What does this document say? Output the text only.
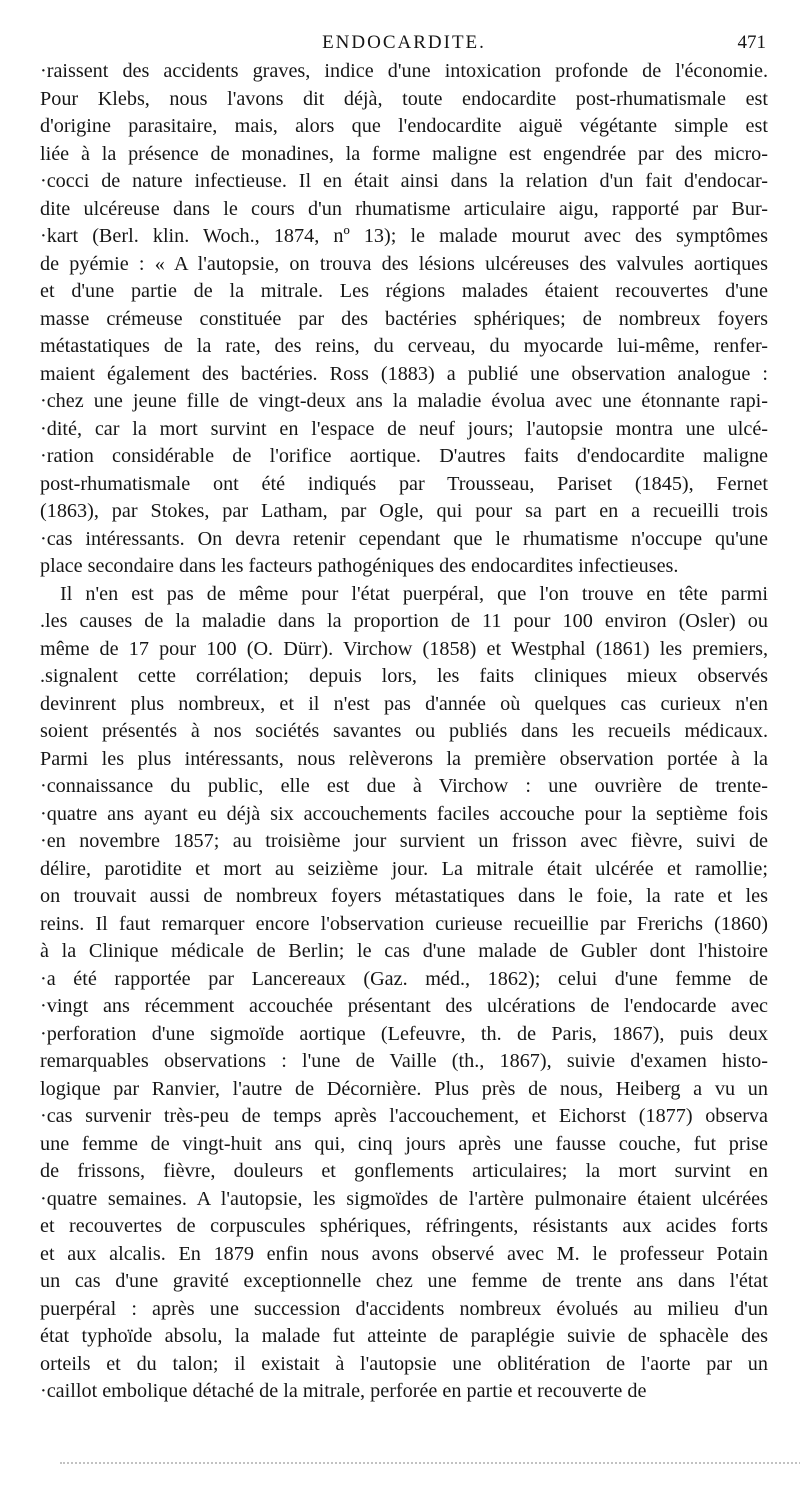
ENDOCARDITE.	471
·raissent des accidents graves, indice d'une intoxication profonde de l'économie.
Pour Klebs, nous l'avons dit déjà, toute endocardite post-rhumatismale est
d'origine parasitaire, mais, alors que l'endocardite aiguë végétante simple est
liée à la présence de monadines, la forme maligne est engendrée par des micro-
·cocci de nature infectieuse. Il en était ainsi dans la relation d'un fait d'endocar-
dite ulcéreuse dans le cours d'un rhumatisme articulaire aigu, rapporté par Bur-
·kart (Berl. klin. Woch., 1874, nº 13); le malade mourut avec des symptômes
de pyémie : « A l'autopsie, on trouva des lésions ulcéreuses des valvules aortiques
et d'une partie de la mitrale. Les régions malades étaient recouvertes d'une
masse crémeuse constituée par des bactéries sphériques; de nombreux foyers
métastatiques de la rate, des reins, du cerveau, du myocarde lui-même, renfer-
maient également des bactéries. Ross (1883) a publié une observation analogue :
·chez une jeune fille de vingt-deux ans la maladie évolua avec une étonnante rapi-
·dité, car la mort survint en l'espace de neuf jours; l'autopsie montra une ulcé-
·ration considérable de l'orifice aortique. D'autres faits d'endocardite maligne
post-rhumatismale ont été indiqués par Trousseau, Pariset (1845), Fernet
(1863), par Stokes, par Latham, par Ogle, qui pour sa part en a recueilli trois
·cas intéressants. On devra retenir cependant que le rhumatisme n'occupe qu'une
place secondaire dans les facteurs pathogéniques des endocardites infectieuses.
Il n'en est pas de même pour l'état puerpéral, que l'on trouve en tête parmi
.les causes de la maladie dans la proportion de 11 pour 100 environ (Osler) ou
même de 17 pour 100 (O. Dürr). Virchow (1858) et Westphal (1861) les premiers,
.signalent cette corrélation; depuis lors, les faits cliniques mieux observés
devinrent plus nombreux, et il n'est pas d'année où quelques cas curieux n'en
soient présentés à nos sociétés savantes ou publiés dans les recueils médicaux.
Parmi les plus intéressants, nous relèverons la première observation portée à la
·connaissance du public, elle est due à Virchow : une ouvrière de trente-
·quatre ans ayant eu déjà six accouchements faciles accouche pour la septième fois
·en novembre 1857; au troisième jour survient un frisson avec fièvre, suivi de
délire, parotidite et mort au seizième jour. La mitrale était ulcérée et ramollie;
on trouvait aussi de nombreux foyers métastatiques dans le foie, la rate et les
reins. Il faut remarquer encore l'observation curieuse recueillie par Frerichs (1860)
à la Clinique médicale de Berlin; le cas d'une malade de Gubler dont l'histoire
·a été rapportée par Lancereaux (Gaz. méd., 1862); celui d'une femme de
·vingt ans récemment accouchée présentant des ulcérations de l'endocarde avec
·perforation d'une sigmoïde aortique (Lefeuvre, th. de Paris, 1867), puis deux
remarquables observations : l'une de Vaille (th., 1867), suivie d'examen histo-
logique par Ranvier, l'autre de Décornière. Plus près de nous, Heiberg a vu un
·cas survenir très-peu de temps après l'accouchement, et Eichorst (1877) observa
une femme de vingt-huit ans qui, cinq jours après une fausse couche, fut prise
de frissons, fièvre, douleurs et gonflements articulaires; la mort survint en
·quatre semaines. A l'autopsie, les sigmoïdes de l'artère pulmonaire étaient ulcérées
et recouvertes de corpuscules sphériques, réfringents, résistants aux acides forts
et aux alcalis. En 1879 enfin nous avons observé avec M. le professeur Potain
un cas d'une gravité exceptionnelle chez une femme de trente ans dans l'état
puerpéral : après une succession d'accidents nombreux évolués au milieu d'un
état typhoïde absolu, la malade fut atteinte de paraplégie suivie de sphacèle des
orteils et du talon; il existait à l'autopsie une oblitération de l'aorte par un
·caillot embolique détaché de la mitrale, perforée en partie et recouverte de
